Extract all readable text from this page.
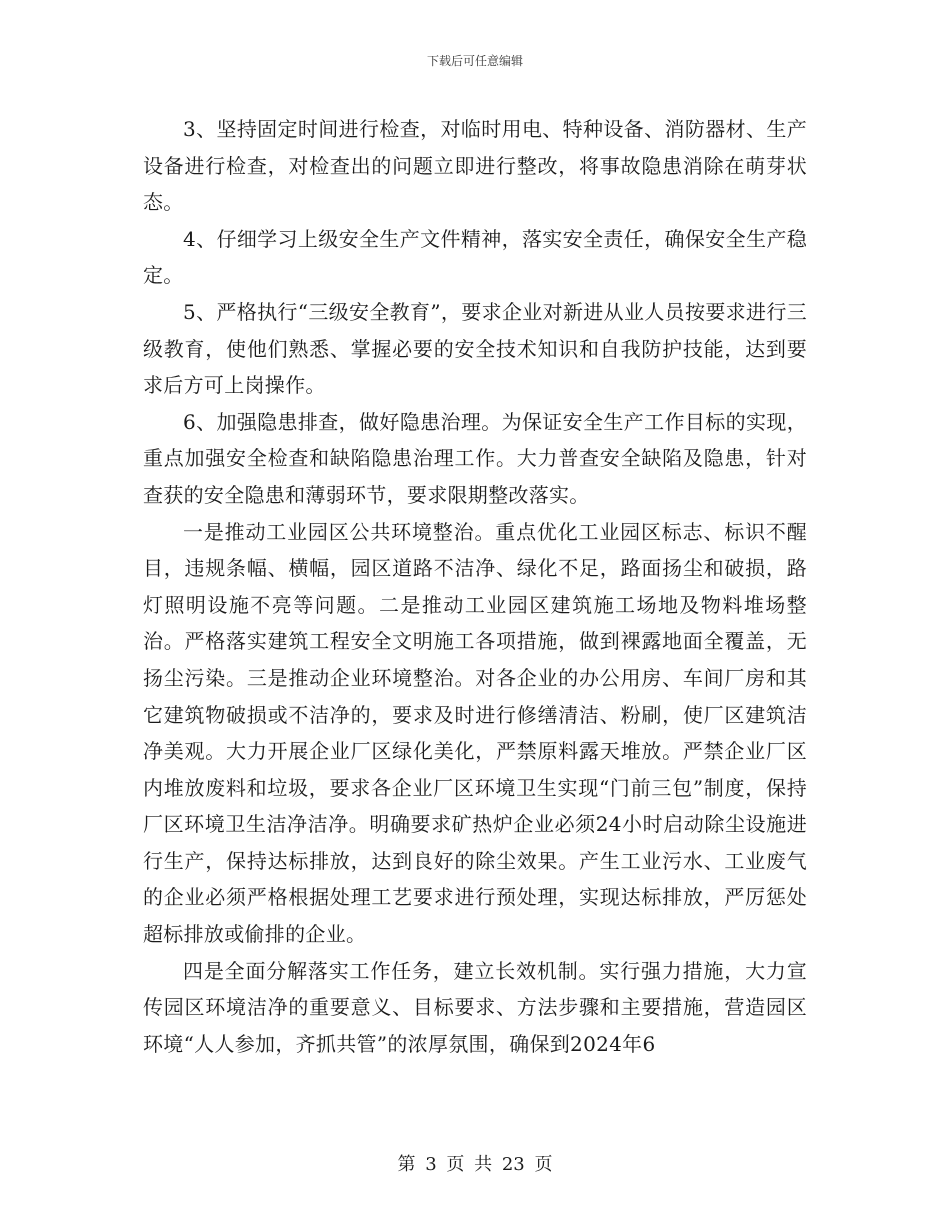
下载后可任意编辑

3、坚持固定时间进行检查，对临时用电、特种设备、消防器材、生产设备进行检查，对检查出的问题立即进行整改，将事故隐患消除在萌芽状态。

4、仔细学习上级安全生产文件精神，落实安全责任，确保安全生产稳定。

5、严格执行“三级安全教育”，要求企业对新进从业人员按要求进行三级教育，使他们熟悉、掌握必要的安全技术知识和自我防护技能，达到要求后方可上岗操作。

6、加强隐患排查，做好隐患治理。为保证安全生产工作目标的实现，重点加强安全检查和缺陷隐患治理工作。大力普查安全缺陷及隐患，针对查获的安全隐患和薄弱环节，要求限期整改落实。

一是推动工业园区公共环境整治。重点优化工业园区标志、标识不醒目，违规条幅、横幅，园区道路不洁净、绿化不足，路面扬尘和破损，路灯照明设施不亮等问题。二是推动工业园区建筑施工场地及物料堆场整治。严格落实建筑工程安全文明施工各项措施，做到裸露地面全覆盖，无扬尘污染。三是推动企业环境整治。对各企业的办公用房、车间厂房和其它建筑物破损或不洁净的，要求及时进行修缮清洁、粉刷，使厂区建筑洁净美观。大力开展企业厂区绿化美化，严禁原料露天堆放。严禁企业厂区内堆放废料和垃圾，要求各企业厂区环境卫生实现“门前三包”制度，保持厂区环境卫生洁净洁净。明确要求矿热炉企业必须24小时启动除尘设施进行生产，保持达标排放，达到良好的除尘效果。产生工业污水、工业废气的企业必须严格根据处理工艺要求进行预处理，实现达标排放，严厉惩处超标排放或偷排的企业。

四是全面分解落实工作任务，建立长效机制。实行强力措施，大力宣传园区环境洁净的重要意义、目标要求、方法步骤和主要措施，营造园区环境“人人参加，齐抓共管”的浓厚氛围，确保到2024年6

第 3 页 共 23 页
